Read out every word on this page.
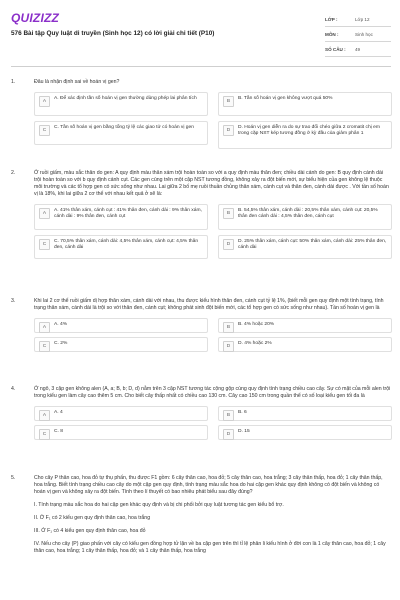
QUIZIZZ
576 Bài tập Quy luật di truyền (Sinh học 12) có lời giải chi tiết (P10)
LỚP :	Lớp 12
MÔN :	Sinh học
SỐ CÂU :	49
1.	Đâu là nhận định sai về hoán vị gen?
A
A. Để xác định tần số hoán vị gen thường dùng phép lai phân tích
B
B. Tần số hoán vị gen không vượt quá 50%
C
C. Tần số hoán vị gen bằng tổng tỷ lệ các giao tử có hoán vị gen
D
D. Hoán vị gen diễn ra do sự trao đổi chéo giữa 2 cromatit chị em trong cặp NST kép tương đồng ở kỳ đầu của giảm phân 1
2.	Ở ruồi giấm, màu sắc thân do gen: A quy định màu thân xám trội hoàn toàn so với a quy định màu thân đen; chiều dài cánh do gen: B quy định cánh dài trội hoàn toàn so với b quy định cánh cụt. Các gen cùng trên một cặp NST tương đồng, không xảy ra đột biến mới, sự biểu hiện của gen không lệ thuộc môi trường và các tổ hợp gen có sức sống như nhau. Lai giữa 2 bố mẹ ruồi thuần chủng thân xám, cánh cụt và thân đen, cánh dài được . Với tần số hoán vị là 18%, khi lai giữa 2 cơ thể với nhau kết quả ở sẽ là:
A
A. 41% thân xám, cánh cụt : 41% thân đen, cánh dài : 9% thân xám, cánh dài : 9% thân đen, cánh cụt
B
B. 54,5% thân xám, cánh dài : 20,5% thân xám, cánh cụt: 20,5% thân đen cánh dài : 4,5% thân đen, cánh cụt
C
C. 70,5% thân xám, cánh dài: 4,5% thân xám, cánh cụt: 4,5% thân đen, cánh dài
D
D. 25% thân xám, cánh cụt: 50% thân xám, cánh dài: 25% thân đen, cánh dài
3.	Khi lai 2 cơ thể ruồi giấm dị hợp thân xám, cánh dài với nhau, thu được kiểu hình thân đen, cánh cụt tỷ lệ 1%, (biết mỗi gen quy định một tính trạng, tính trạng thân xám, cánh dài là trội so với thân đen, cánh cụt; không phát sinh đột biến mới, các tổ hợp gen có sức sống như nhau). Tần số hoán vị gen là
A
A. 4%
B
B. 4% hoặc 20%
C
C. 2%
D
D. 4% hoặc 2%
4.	Ở ngô, 3 cặp gen không alen (A, a; B, b; D, d) nằm trên 3 cặp NST tương tác cộng gộp cùng quy định tính trạng chiều cao cây. Sự có mặt của mỗi alen trội trong kiểu gen làm cây cao thêm 5 cm. Cho biết cây thấp nhất có chiều cao 130 cm. Cây cao 150 cm trong quần thể có số loại kiểu gen tối đa là
A
A. 4
B
B. 6
C
C. 8
D
D. 15
5.	Cho cây P thân cao, hoa đỏ tự thụ phấn, thu được F1 gồm: 6 cây thân cao, hoa đỏ; 5 cây thân cao, hoa trắng; 3 cây thân thấp, hoa đỏ; 1 cây thân thấp, hoa trắng. Biết tính trạng chiều cao cây do một cặp gen quy định, tính trạng màu sắc hoa do hai cặp gen khác quy định không có đột biến và không có hoán vị gen và không xảy ra đột biến. Tính theo lí thuyết có bao nhiêu phát biểu sau đây đúng?
I. Tính trạng màu sắc hoa do hai cặp gen khác quy định và bị chi phối bởi quy luật tương tác gen kiểu bổ trợ.
II. Ở F₁ có 2 kiểu gen quy định thân cao, hoa trắng
III. Ở F₁ có 4 kiểu gen quy định thân cao, hoa đỏ
IV. Nếu cho cây (P) giao phấn với cây có kiểu gen đồng hợp tử lặn về ba cặp gen trên thì tỉ lệ phân li kiểu hình ở đời con là 1 cây thân cao, hoa đỏ; 1 cây thân cao, hoa trắng; 1 cây thân thấp, hoa đỏ; và 1 cây thân thấp, hoa trắng
